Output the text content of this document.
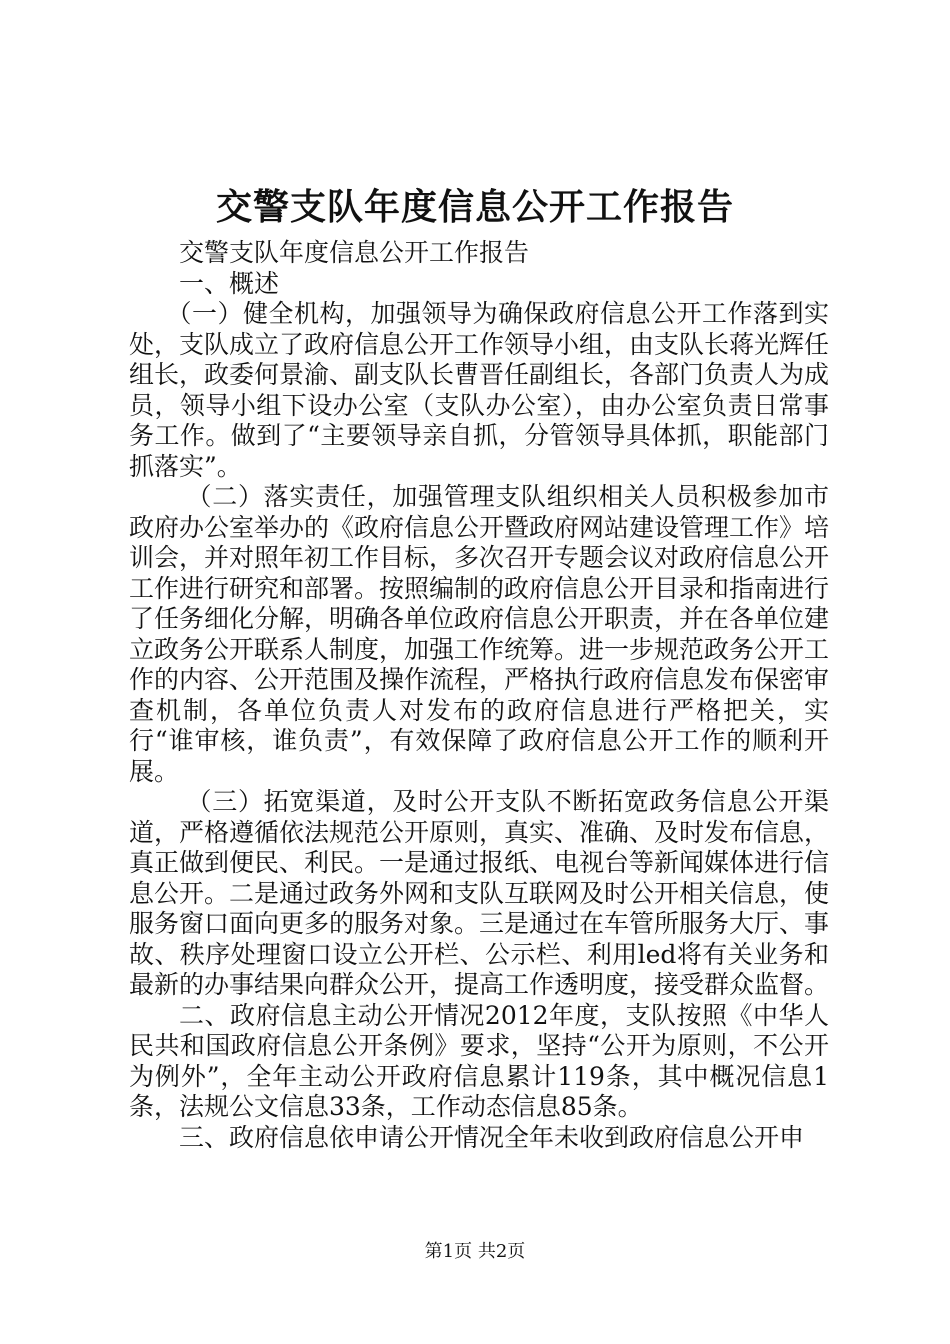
交警支队年度信息公开工作报告

交警支队年度信息公开工作报告

一、概述

（一）健全机构，加强领导为确保政府信息公开工作落到实处，支队成立了政府信息公开工作领导小组，由支队长蒋光辉任组长，政委何景渝、副支队长曹晋任副组长，各部门负责人为成员，领导小组下设办公室（支队办公室），由办公室负责日常事务工作。做到了“主要领导亲自抓，分管领导具体抓，职能部门抓落实”。

（二）落实责任，加强管理支队组织相关人员积极参加市政府办公室举办的《政府信息公开暨政府网站建设管理工作》培训会，并对照年初工作目标，多次召开专题会议对政府信息公开工作进行研究和部署。按照编制的政府信息公开目录和指南进行了任务细化分解，明确各单位政府信息公开职责，并在各单位建立政务公开联系人制度，加强工作统筹。进一步规范政务公开工作的内容、公开范围及操作流程，严格执行政府信息发布保密审查机制，各单位负责人对发布的政府信息进行严格把关，实行“谁审核，谁负责”，有效保障了政府信息公开工作的顺利开展。

（三）拓宽渠道，及时公开支队不断拓宽政务信息公开渠道，严格遵循依法规范公开原则，真实、准确、及时发布信息，真正做到便民、利民。一是通过报纸、电视台等新闻媒体进行信息公开。二是通过政务外网和支队互联网及时公开相关信息，使服务窗口面向更多的服务对象。三是通过在车管所服务大厅、事故、秩序处理窗口设立公开栏、公示栏、利用led将有关业务和最新的办事结果向群众公开，提高工作透明度，接受群众监督。

二、政府信息主动公开情况2012年度，支队按照《中华人民共和国政府信息公开条例》要求，坚持“公开为原则，不公开为例外”，全年主动公开政府信息累计119条，其中概况信息1条，法规公文信息33条，工作动态信息85条。

三、政府信息依申请公开情况全年未收到政府信息公开申

第1页 共2页
